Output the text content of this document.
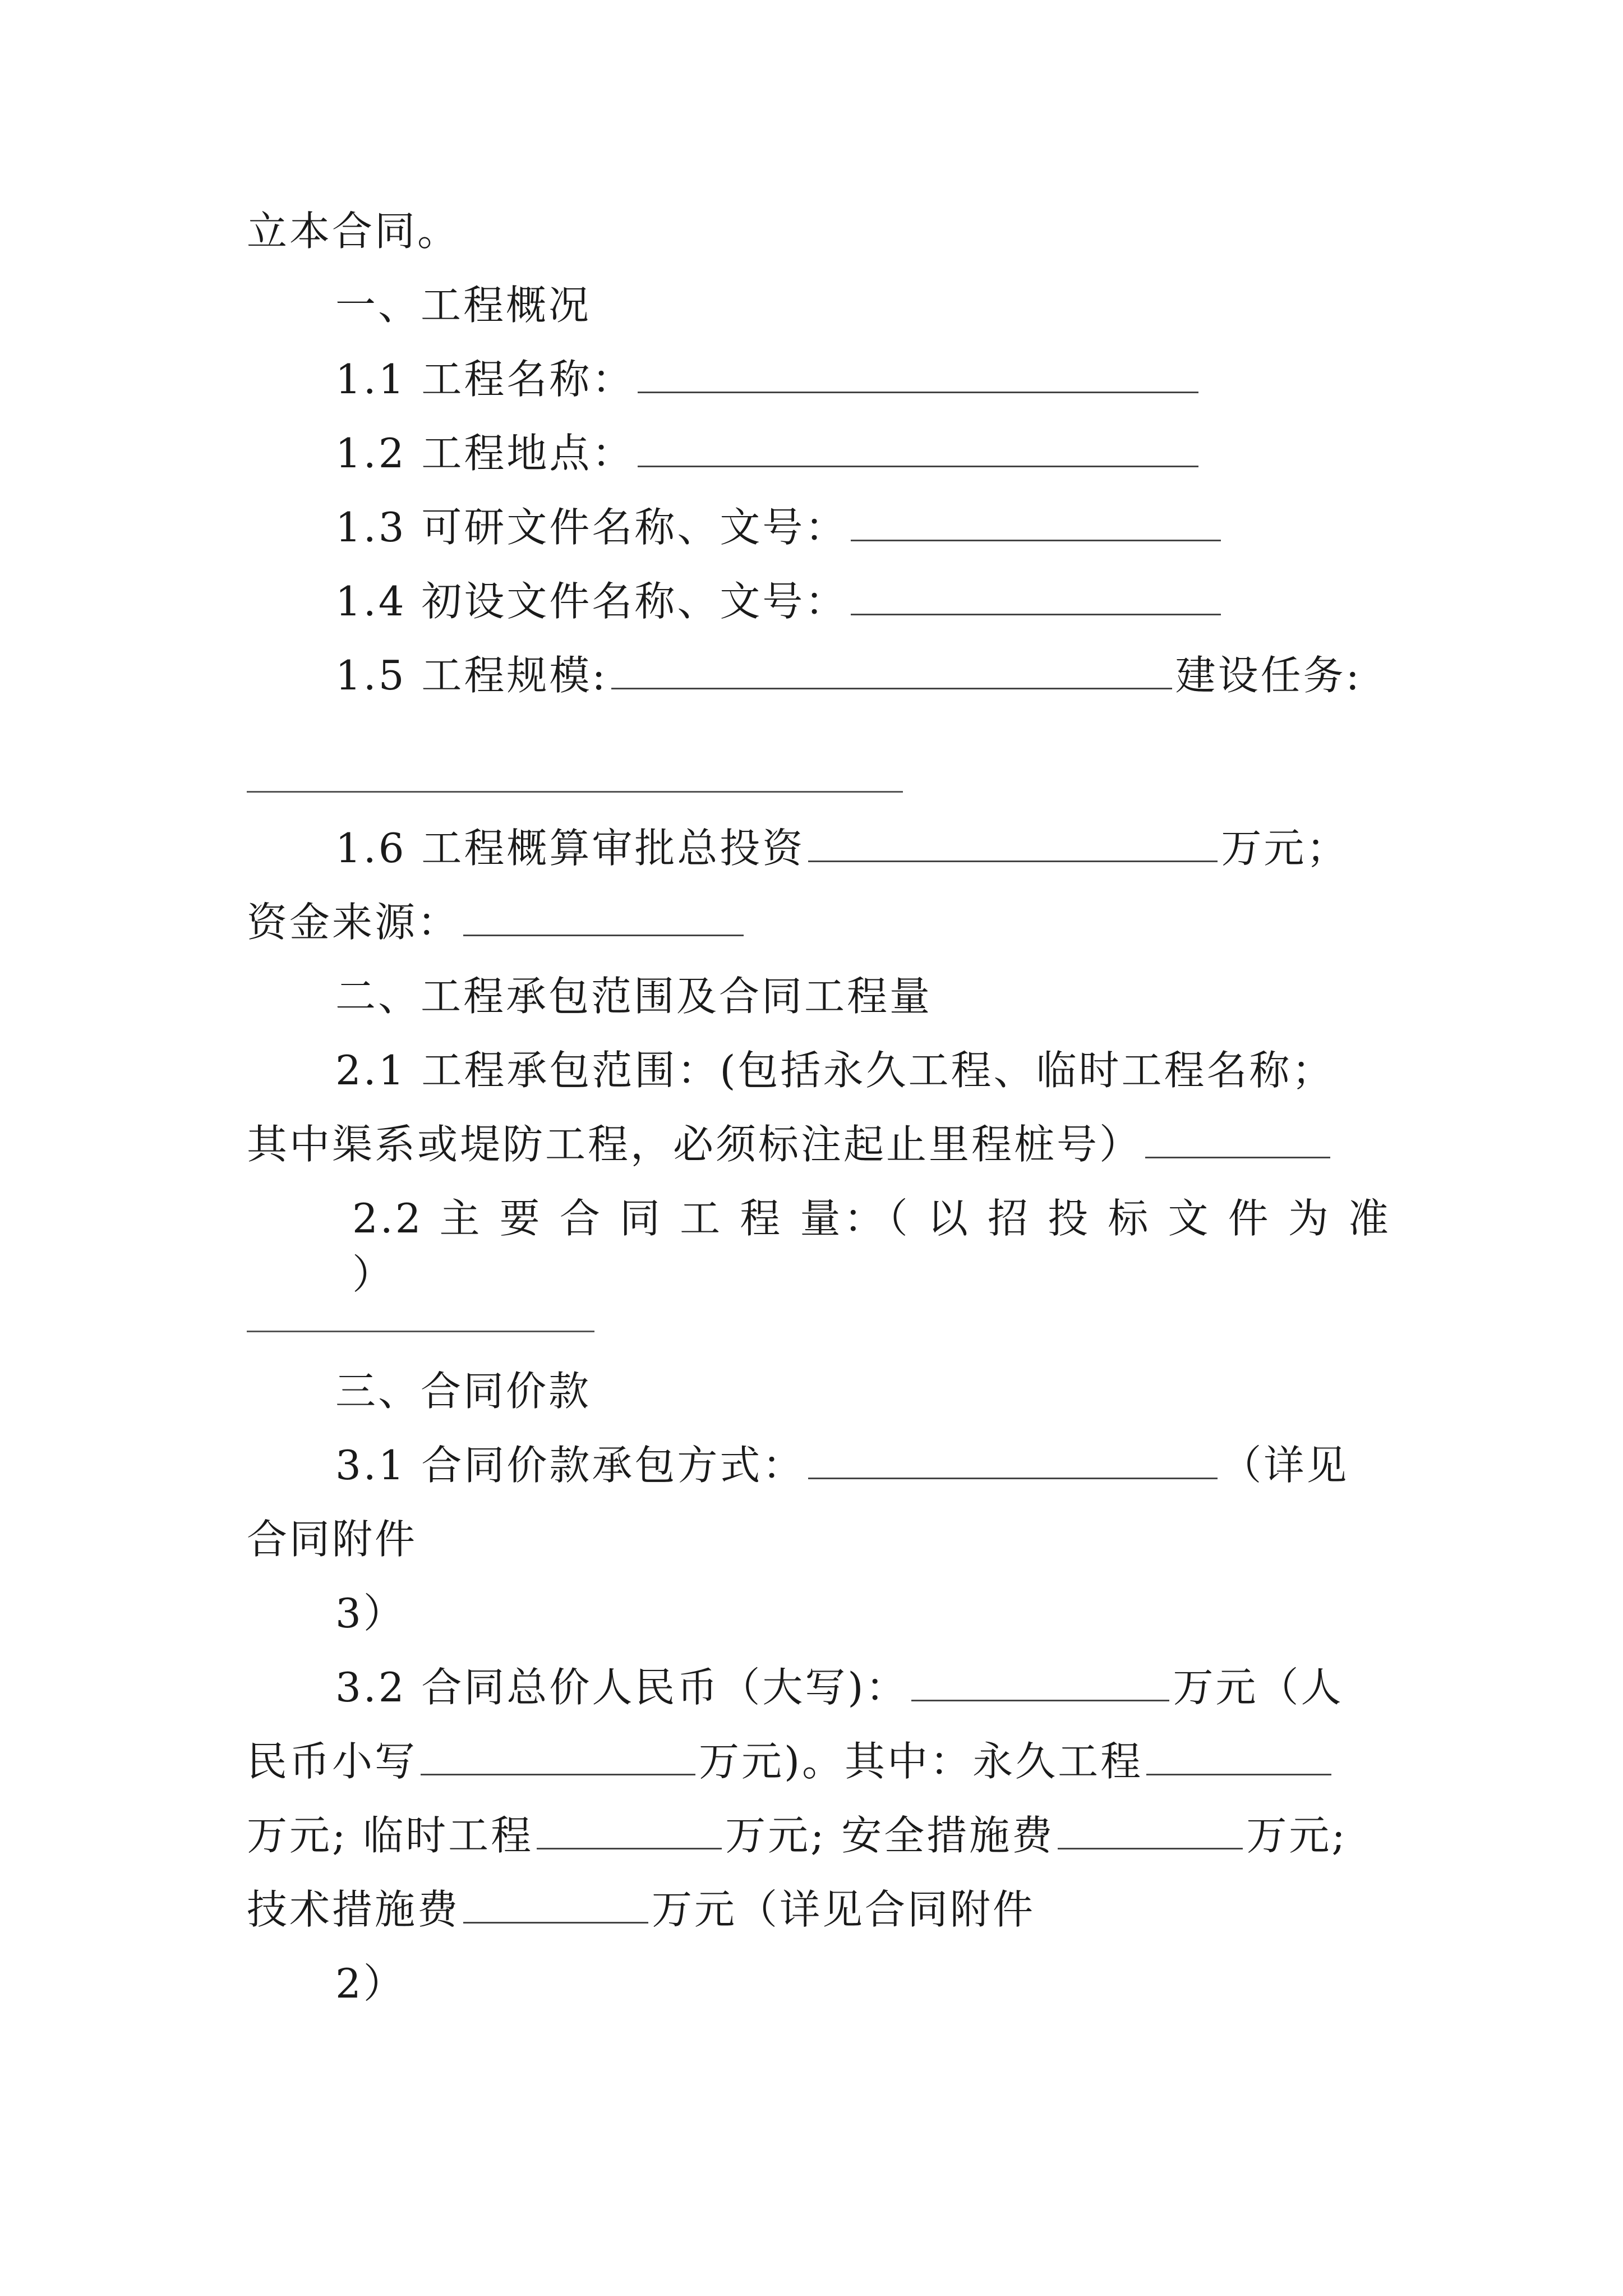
立本合同。
一、工程概况
1.1 工程名称：
1.2 工程地点：
1.3 可研文件名称、文号：
1.4 初设文件名称、文号：
1.5 工程规模:	建设任务:
1.6 工程概算审批总投资	万元；
资金来源：
二、工程承包范围及合同工程量
2.1 工程承包范围：(包括永久工程、临时工程名称；
其中渠系或堤防工程，必须标注起止里程桩号）
2.2 主 要 合 同 工 程 量：（ 以 招 投 标 文 件 为 准 ）
三、合同价款
3.1 合同价款承包方式：	（详见
合同附件
3）
3.2 合同总价人民币（大写)：	万元（人
民币小写	万元)。其中：永久工程
万元; 临时工程	万元; 安全措施费	万元;
技术措施费	万元（详见合同附件
2）
